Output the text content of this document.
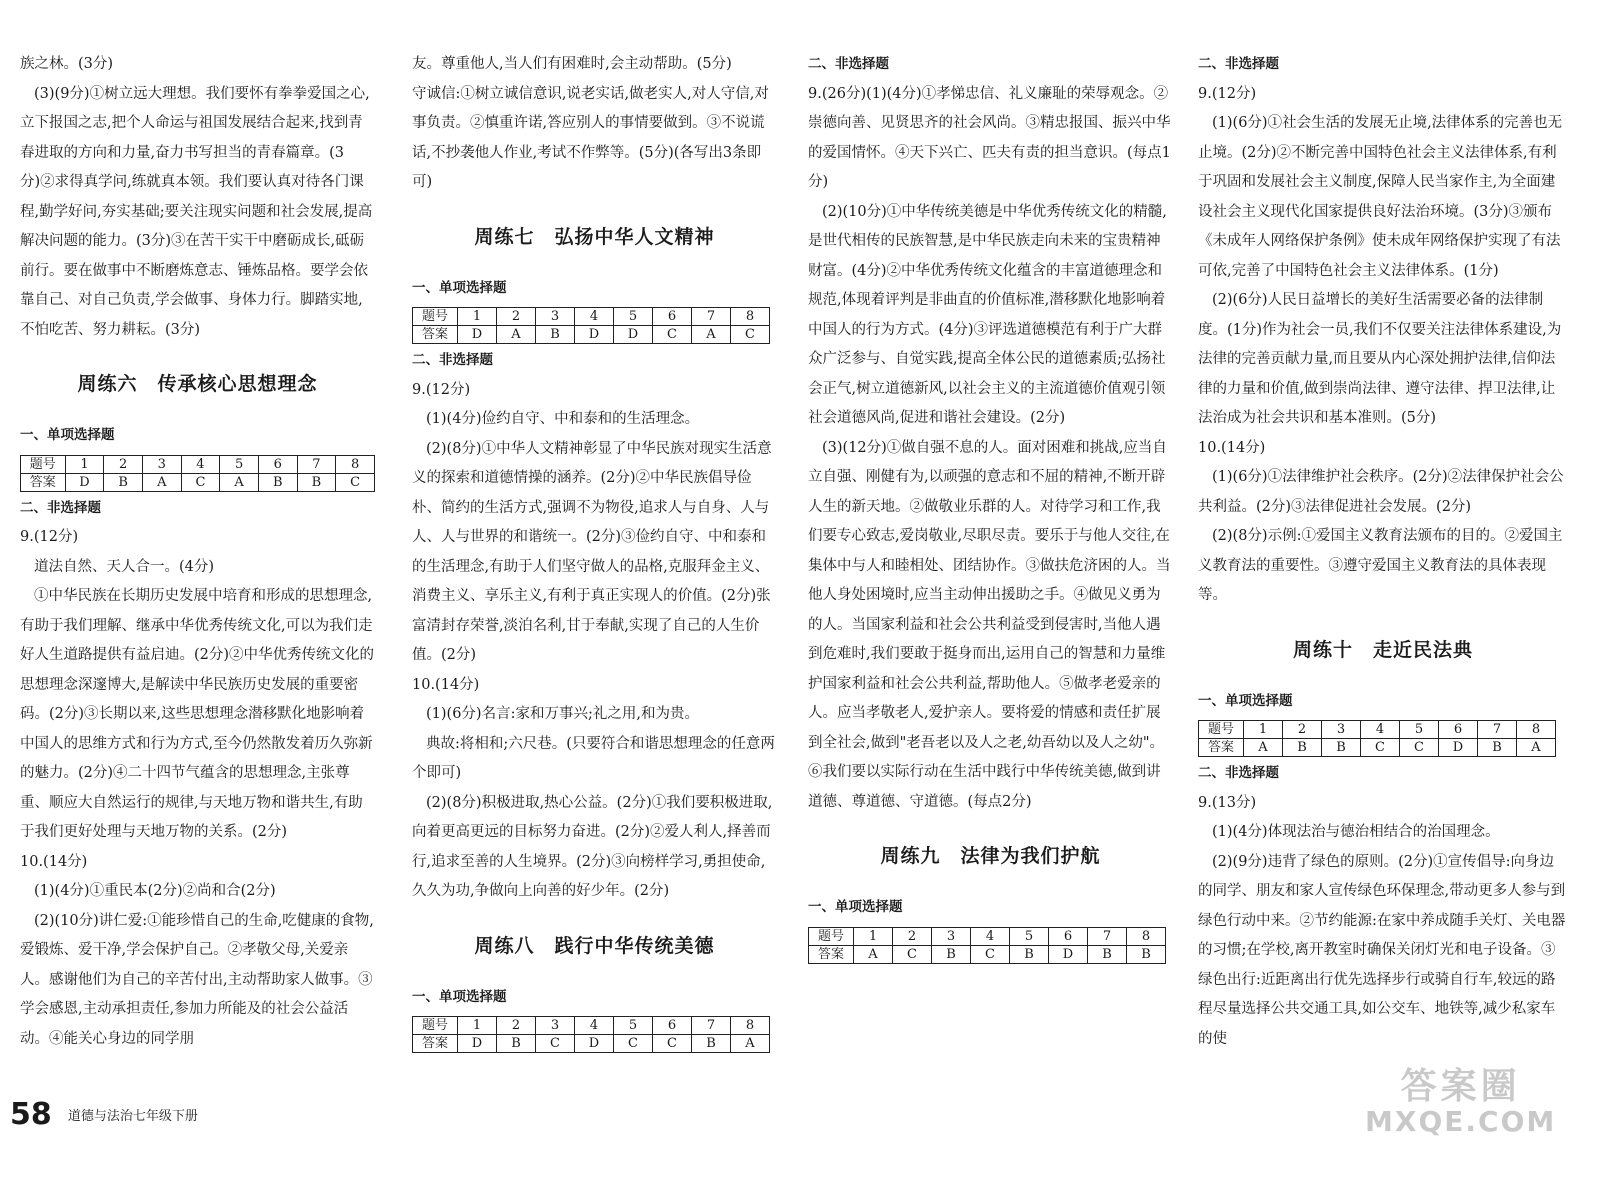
族之林。(3分)

(3)(9分)①树立远大理想。我们要怀有拳拳爱国之心,立下报国之志,把个人命运与祖国发展结合起来,找到青春进取的方向和力量,奋力书写担当的青春篇章。(3分)②求得真学问,练就真本领。我们要认真对待各门课程,勤学好问,夯实基础;要关注现实问题和社会发展,提高解决问题的能力。(3分)③在苦干实干中磨砺成长,砥砺前行。要在做事中不断磨炼意志、锤炼品格。要学会依靠自己、对自己负责,学会做事、身体力行。脚踏实地,不怕吃苦、努力耕耘。(3分)

周练六　传承核心思想理念
一、单项选择题
题号	1	2	3	4	5	6	7	8
答案	D	B	A	C	A	B	B	C
二、非选择题

9.(12分)

道法自然、天人合一。(4分)

①中华民族在长期历史发展中培育和形成的思想理念,有助于我们理解、继承中华优秀传统文化,可以为我们走好人生道路提供有益启迪。(2分)②中华优秀传统文化的思想理念深邃博大,是解读中华民族历史发展的重要密码。(2分)③长期以来,这些思想理念潜移默化地影响着中国人的思维方式和行为方式,至今仍然散发着历久弥新的魅力。(2分)④二十四节气蕴含的思想理念,主张尊重、顺应大自然运行的规律,与天地万物和谐共生,有助于我们更好处理与天地万物的关系。(2分)

10.(14分)

(1)(4分)①重民本(2分)②尚和合(2分)

(2)(10分)讲仁爱:①能珍惜自己的生命,吃健康的食物,爱锻炼、爱干净,学会保护自己。②孝敬父母,关爱亲人。感谢他们为自己的辛苦付出,主动帮助家人做事。③学会感恩,主动承担责任,参加力所能及的社会公益活动。④能关心身边的同学朋

友。尊重他人,当人们有困难时,会主动帮助。(5分)

守诚信:①树立诚信意识,说老实话,做老实人,对人守信,对事负责。②慎重许诺,答应别人的事情要做到。③不说谎话,不抄袭他人作业,考试不作弊等。(5分)(各写出3条即可)

周练七　弘扬中华人文精神
一、单项选择题
题号	1	2	3	4	5	6	7	8
答案	D	A	B	D	D	C	A	C
二、非选择题

9.(12分)

(1)(4分)俭约自守、中和泰和的生活理念。

(2)(8分)①中华人文精神彰显了中华民族对现实生活意义的探索和道德情操的涵养。(2分)②中华民族倡导俭朴、简约的生活方式,强调不为物役,追求人与自身、人与人、人与世界的和谐统一。(2分)③俭约自守、中和泰和的生活理念,有助于人们坚守做人的品格,克服拜金主义、消费主义、享乐主义,有利于真正实现人的价值。(2分)张富清封存荣誉,淡泊名利,甘于奉献,实现了自己的人生价值。(2分)

10.(14分)

(1)(6分)名言:家和万事兴;礼之用,和为贵。

典故:将相和;六尺巷。(只要符合和谐思想理念的任意两个即可)

(2)(8分)积极进取,热心公益。(2分)①我们要积极进取,向着更高更远的目标努力奋进。(2分)②爱人利人,择善而行,追求至善的人生境界。(2分)③向榜样学习,勇担使命,久久为功,争做向上向善的好少年。(2分)

周练八　践行中华传统美德
一、单项选择题
题号	1	2	3	4	5	6	7	8
答案	D	B	C	D	C	C	B	A
二、非选择题

9.(26分)(1)(4分)①孝悌忠信、礼义廉耻的荣辱观念。②崇德向善、见贤思齐的社会风尚。③精忠报国、振兴中华的爱国情怀。④天下兴亡、匹夫有责的担当意识。(每点1分)

(2)(10分)①中华传统美德是中华优秀传统文化的精髓,是世代相传的民族智慧,是中华民族走向未来的宝贵精神财富。(4分)②中华优秀传统文化蕴含的丰富道德理念和规范,体现着评判是非曲直的价值标准,潜移默化地影响着中国人的行为方式。(4分)③评选道德模范有利于广大群众广泛参与、自觉实践,提高全体公民的道德素质;弘扬社会正气,树立道德新风,以社会主义的主流道德价值观引领社会道德风尚,促进和谐社会建设。(2分)

(3)(12分)①做自强不息的人。面对困难和挑战,应当自立自强、刚健有为,以顽强的意志和不屈的精神,不断开辟人生的新天地。②做敬业乐群的人。对待学习和工作,我们要专心致志,爱岗敬业,尽职尽责。要乐于与他人交往,在集体中与人和睦相处、团结协作。③做扶危济困的人。当他人身处困境时,应当主动伸出援助之手。④做见义勇为的人。当国家利益和社会公共利益受到侵害时,当他人遇到危难时,我们要敢于挺身而出,运用自己的智慧和力量维护国家利益和社会公共利益,帮助他人。⑤做孝老爱亲的人。应当孝敬老人,爱护亲人。要将爱的情感和责任扩展到全社会,做到"老吾老以及人之老,幼吾幼以及人之幼"。⑥我们要以实际行动在生活中践行中华传统美德,做到讲道德、尊道德、守道德。(每点2分)

周练九　法律为我们护航
一、单项选择题
题号	1	2	3	4	5	6	7	8
答案	A	C	B	C	B	D	B	B
二、非选择题

9.(12分)

(1)(6分)①社会生活的发展无止境,法律体系的完善也无止境。(2分)②不断完善中国特色社会主义法律体系,有利于巩固和发展社会主义制度,保障人民当家作主,为全面建设社会主义现代化国家提供良好法治环境。(3分)③颁布《未成年人网络保护条例》使未成年网络保护实现了有法可依,完善了中国特色社会主义法律体系。(1分)

(2)(6分)人民日益增长的美好生活需要必备的法律制度。(1分)作为社会一员,我们不仅要关注法律体系建设,为法律的完善贡献力量,而且要从内心深处拥护法律,信仰法律的力量和价值,做到崇尚法律、遵守法律、捍卫法律,让法治成为社会共识和基本准则。(5分)

10.(14分)

(1)(6分)①法律维护社会秩序。(2分)②法律保护社会公共利益。(2分)③法律促进社会发展。(2分)

(2)(8分)示例:①爱国主义教育法颁布的目的。②爱国主义教育法的重要性。③遵守爱国主义教育法的具体表现等。

周练十　走近民法典
一、单项选择题
题号	1	2	3	4	5	6	7	8
答案	A	B	B	C	C	D	B	A
二、非选择题

9.(13分)

(1)(4分)体现法治与德治相结合的治国理念。

(2)(9分)违背了绿色的原则。(2分)①宣传倡导:向身边的同学、朋友和家人宣传绿色环保理念,带动更多人参与到绿色行动中来。②节约能源:在家中养成随手关灯、关电器的习惯;在学校,离开教室时确保关闭灯光和电子设备。③绿色出行:近距离出行优先选择步行或骑自行车,较远的路程尽量选择公共交通工具,如公交车、地铁等,减少私家车的使

58 道德与法治七年级下册
答案圈
MXQE.COM
